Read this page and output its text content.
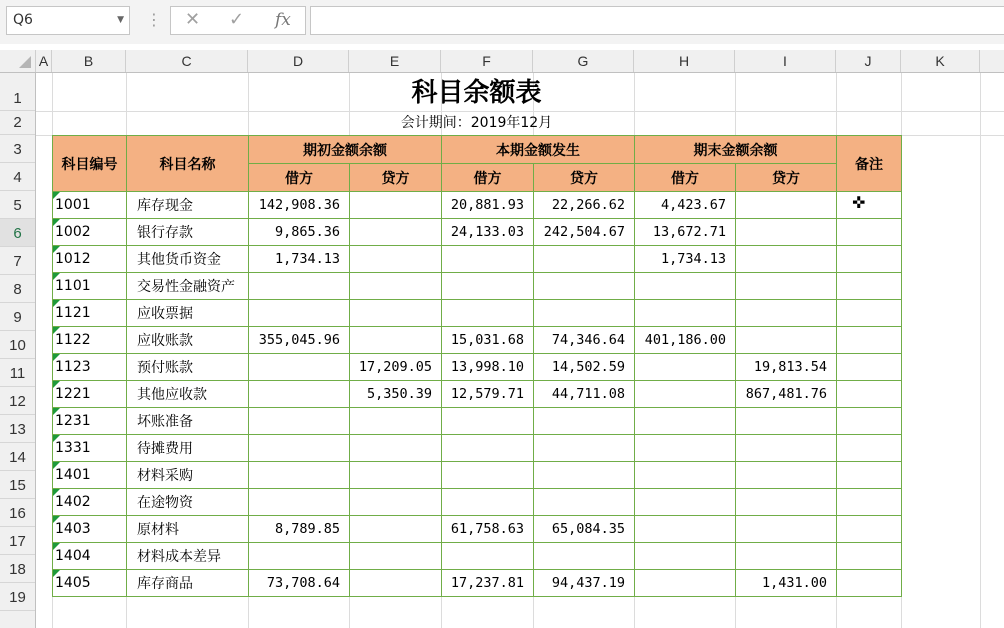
Q6	▼ ⋮ ✕ ✓ fx
A	B	C	D	E	F	G	H	I	J	K
1
2
3
4
5
6
7
8
9
10
11
12
13
14
15
16
17
18
19
科目余额表
会计期间：2019年12月
科目编号	科目名称	期初金额余额		本期金额发生		期末金额余额		备注
		借方	贷方	借方	贷方	借方	贷方	
1001	库存现金	142,908.36		20,881.93	22,266.62	4,423.67		
1002	银行存款	9,865.36		24,133.03	242,504.67	13,672.71		
1012	其他货币资金	1,734.13				1,734.13		
1101	交易性金融资产							
1121	应收票据							
1122	应收账款	355,045.96		15,031.68	74,346.64	401,186.00		
1123	预付账款		17,209.05	13,998.10	14,502.59		19,813.54	
1221	其他应收款		5,350.39	12,579.71	44,711.08		867,481.76	
1231	坏账准备							
1331	待摊费用							
1401	材料采购							
1402	在途物资							
1403	原材料	8,789.85		61,758.63	65,084.35			
1404	材料成本差异							
1405	库存商品	73,708.64		17,237.81	94,437.19		1,431.00	
✜
